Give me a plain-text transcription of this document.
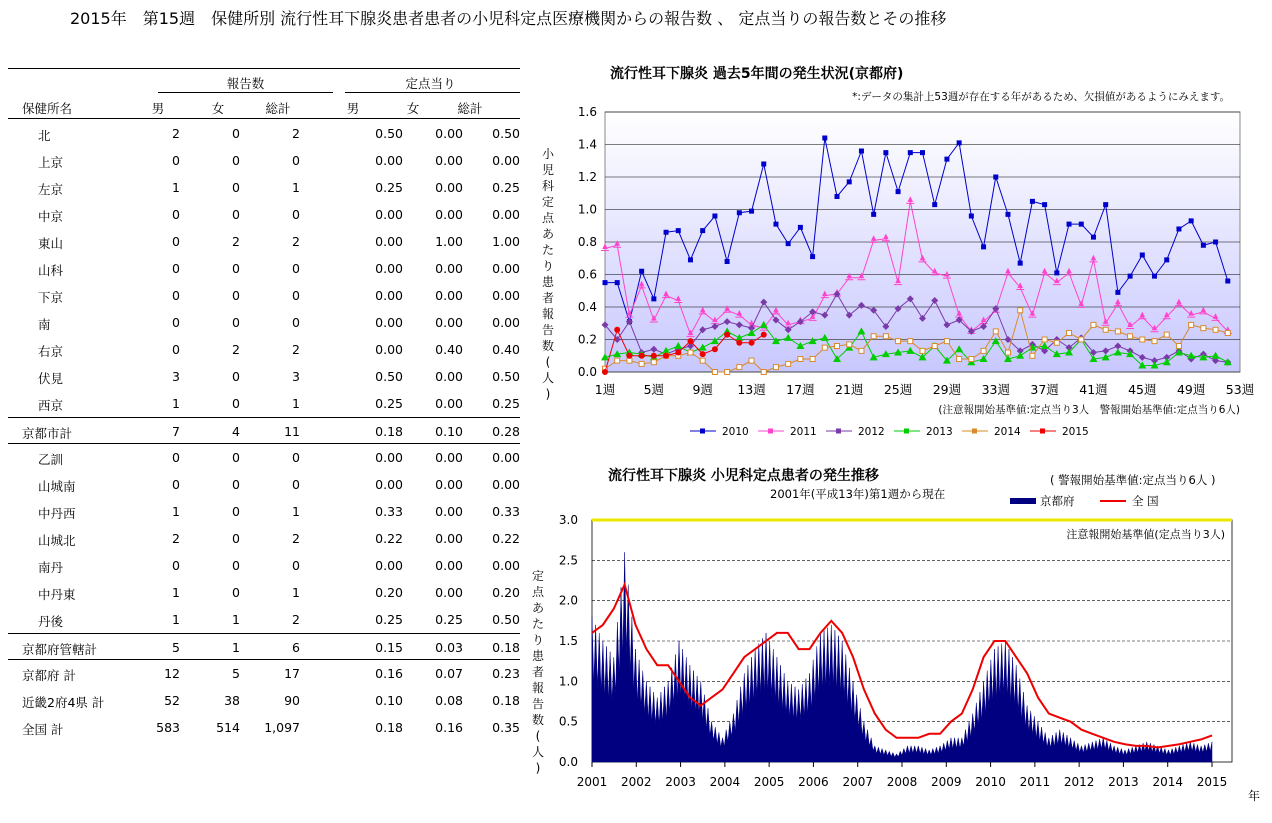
2015年　第15週　保健所別 流行性耳下腺炎患者患者の小児科定点医療機関からの報告数 、 定点当りの報告数とその推移
報告数	定点当り
保健所名	男	女	総計	男	女	総計
北	2	0	2	0.50	0.00	0.50
上京	0	0	0	0.00	0.00	0.00
左京	1	0	1	0.25	0.00	0.25
中京	0	0	0	0.00	0.00	0.00
東山	0	2	2	0.00	1.00	1.00
山科	0	0	0	0.00	0.00	0.00
下京	0	0	0	0.00	0.00	0.00
南	0	0	0	0.00	0.00	0.00
右京	0	2	2	0.00	0.40	0.40
伏見	3	0	3	0.50	0.00	0.50
西京	1	0	1	0.25	0.00	0.25
京都市計	7	4	11	0.18	0.10	0.28
乙訓	0	0	0	0.00	0.00	0.00
山城南	0	0	0	0.00	0.00	0.00
中丹西	1	0	1	0.33	0.00	0.33
山城北	2	0	2	0.22	0.00	0.22
南丹	0	0	0	0.00	0.00	0.00
中丹東	1	0	1	0.20	0.00	0.20
丹後	1	1	2	0.25	0.25	0.50
京都府管轄計	5	1	6	0.15	0.03	0.18
京都府 計	12	5	17	0.16	0.07	0.23
近畿2府4県 計	52	38	90	0.10	0.08	0.18
全国 計	583	514	1,097	0.18	0.16	0.35
0.0
0.2
0.4
0.6
0.8
1.0
1.2
1.4
1.6
1週 5週 9週 13週 17週 21週 25週 29週 33週 37週 41週 45週 49週 53週
流行性耳下腺炎 過去5年間の発生状況(京都府)
*:データの集計上53週が存在する年があるため、欠損値があるようにみえます。
(注意報開始基準値:定点当り3人　警報開始基準値:定点当り6人)
小
児
科
定
点
あ
た
り
患
者
報
告
数
(
人
)
2010	2011	2012	2013	2014	2015
0.0
0.5
1.0
1.5
2.0
2.5
3.0
2001 2002 2003 2004 2005 2006 2007 2008 2009 2010 2011 2012 2013 2014 2015
年
流行性耳下腺炎 小児科定点患者の発生推移
2001年(平成13年)第1週から現在
( 警報開始基準値:定点当り6人 )
注意報開始基準値(定点当り3人)
京都府	全 国
定
点
あ
た
り
患
者
報
告
数
(
人
)
